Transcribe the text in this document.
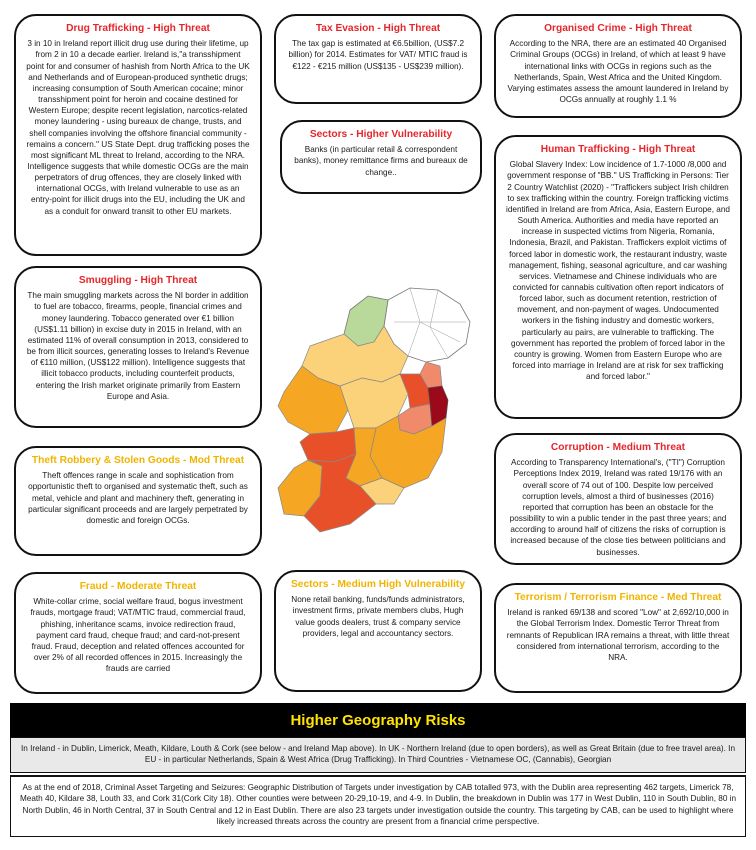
Drug Trafficking - High Threat
3 in 10 in Ireland report illicit drug use during their lifetime, up from 2 in 10 a decade earlier. Ireland is,"a transshipment point for and consumer of hashish from North Africa to the UK and Netherlands and of European-produced synthetic drugs; increasing consumption of South American cocaine; minor transshipment point for heroin and cocaine destined for Western Europe; despite recent legislation, narcotics-related money laundering - using bureaux de change, trusts, and shell companies involving the offshore financial community - remains a concern." US State Dept. drug trafficking poses the most significant ML threat to Ireland, according to the NRA. Intelligence suggests that while domestic OCGs are the main perpetrators of drug offences, they are closely linked with international OCGs, with Ireland vulnerable to use as an entry-point for illicit drugs into the EU, including the UK and as a conduit for onward transit to other EU markets.
Tax Evasion - High Threat
The tax gap is estimated at €6.5billion, (US$7.2 billion) for 2014. Estimates for VAT/ MTIC fraud is €122 - €215 million (US$135 - US$239 million).
Organised Crime - High Threat
According to the NRA, there are an estimated 40 Organised Criminal Groups (OCGs) in Ireland, of which at least 9 have international links with OCGs in regions such as the Netherlands, Spain, West Africa and the United Kingdom. Varying estimates assess the amount laundered in Ireland by OCGs annually at roughly 1.1 %
Sectors - Higher Vulnerability
Banks (in particular retail & correspondent banks), money remittance firms and bureaux de change..
Human Trafficking - High Threat
Global Slavery Index: Low incidence of 1.7-1000 /8,000 and government response of "BB." US Trafficking in Persons: Tier 2 Country Watchlist (2020) - "Traffickers subject Irish children to sex trafficking within the country. Foreign trafficking victims identified in Ireland are from Africa, Asia, Eastern Europe, and South America. Authorities and media have reported an increase in suspected victims from Nigeria, Romania, Indonesia, Brazil, and Pakistan. Traffickers exploit victims of forced labor in domestic work, the restaurant industry, waste management, fishing, seasonal agriculture, and car washing services. Vietnamese and Chinese individuals who are convicted for cannabis cultivation often report indicators of forced labor, such as document retention, restriction of movement, and non-payment of wages. Undocumented workers in the fishing industry and domestic workers, particularly au pairs, are vulnerable to trafficking. The government has reported the problem of forced labor in the country is growing. Women from Eastern Europe who are forced into marriage in Ireland are at risk for sex trafficking and forced labor."
Smuggling - High Threat
The main smuggling markets across the NI border in addition to fuel are tobacco, firearms, people, financial crimes and money laundering. Tobacco generated over €1 billion (US$1.11 billion) in excise duty in 2015 in Ireland, with an estimated 11% of overall consumption in 2013, considered to be from illicit sources, generating losses to Ireland's Revenue of €110 million, (US$122 million). Intelligence suggests that illicit tobacco products, including counterfeit products, entering the Irish market originate primarily from Eastern Europe and Asia.
Theft Robbery & Stolen Goods - Mod Threat
Theft offences range in scale and sophistication from opportunistic theft to organised and systematic theft, such as metal, vehicle and plant and machinery theft, generating in particular significant proceeds and are largely perpetrated by domestic and foreign OCGs.
Corruption - Medium Threat
According to Transparency International's, ("TI") Corruption Perceptions Index 2019, Ireland was rated 19/176 with an overall score of 74 out of 100. Despite low perceived corruption levels, almost a third of businesses (2016) reported that corruption has been an obstacle for the possibility to win a public tender in the past three years; and according to around half of citizens the risks of corruption is increased because of the close ties between politicians and businesses.
Fraud - Moderate Threat
White-collar crime, social welfare fraud, bogus investment frauds, mortgage fraud; VAT/MTIC fraud, commercial fraud, phishing, inheritance scams, invoice redirection fraud, payment card fraud, cheque fraud; and card-not-present fraud. Fraud, deception and related offences accounted for over 2% of all recorded offences in 2015. Increasingly the frauds are carried
Sectors - Medium High Vulnerability
None retail banking, funds/funds administrators, investment firms, private members clubs, Hugh value goods dealers, trust & company service providers, legal and accountancy sectors.
Terrorism / Terrorism Finance - Med Threat
Ireland is ranked 69/138 and scored "Low" at 2,692/10,000 in the Global Terrorism Index. Domestic Terror Threat from remnants of Republican IRA remains a threat, with little threat considered from international terrorism, according to the NRA.
Higher Geography Risks
In Ireland - in Dublin, Limerick, Meath, Kildare, Louth & Cork (see below - and Ireland Map above). In UK - Northern Ireland (due to open borders), as well as Great Britain (due to free travel area). In EU - in particular Netherlands, Spain & West Africa (Drug Trafficking). In Third Countries - Vietnamese OC, (Cannabis), Georgian
As at the end of 2018, Criminal Asset Targeting and Seizures: Geographic Distribution of Targets under investigation by CAB totalled 973, with the Dublin area representing 462 targets, Limerick 78, Meath 40, Kildare 38, Louth 33, and Cork 31(Cork City 18). Other counties were between 20-29,10-19, and 4-9. In Dublin, the breakdown in Dublin was 177 in West Dublin, 110 in South Dublin, 80 in North Dublin, 46 in North Central, 37 in South Central and 12 in East Dublin. There are also 23 targets under investigation outside the country. This targeting by CAB, can be used to highlight where likely increased threats across the country are present from a financial crime perspective.
